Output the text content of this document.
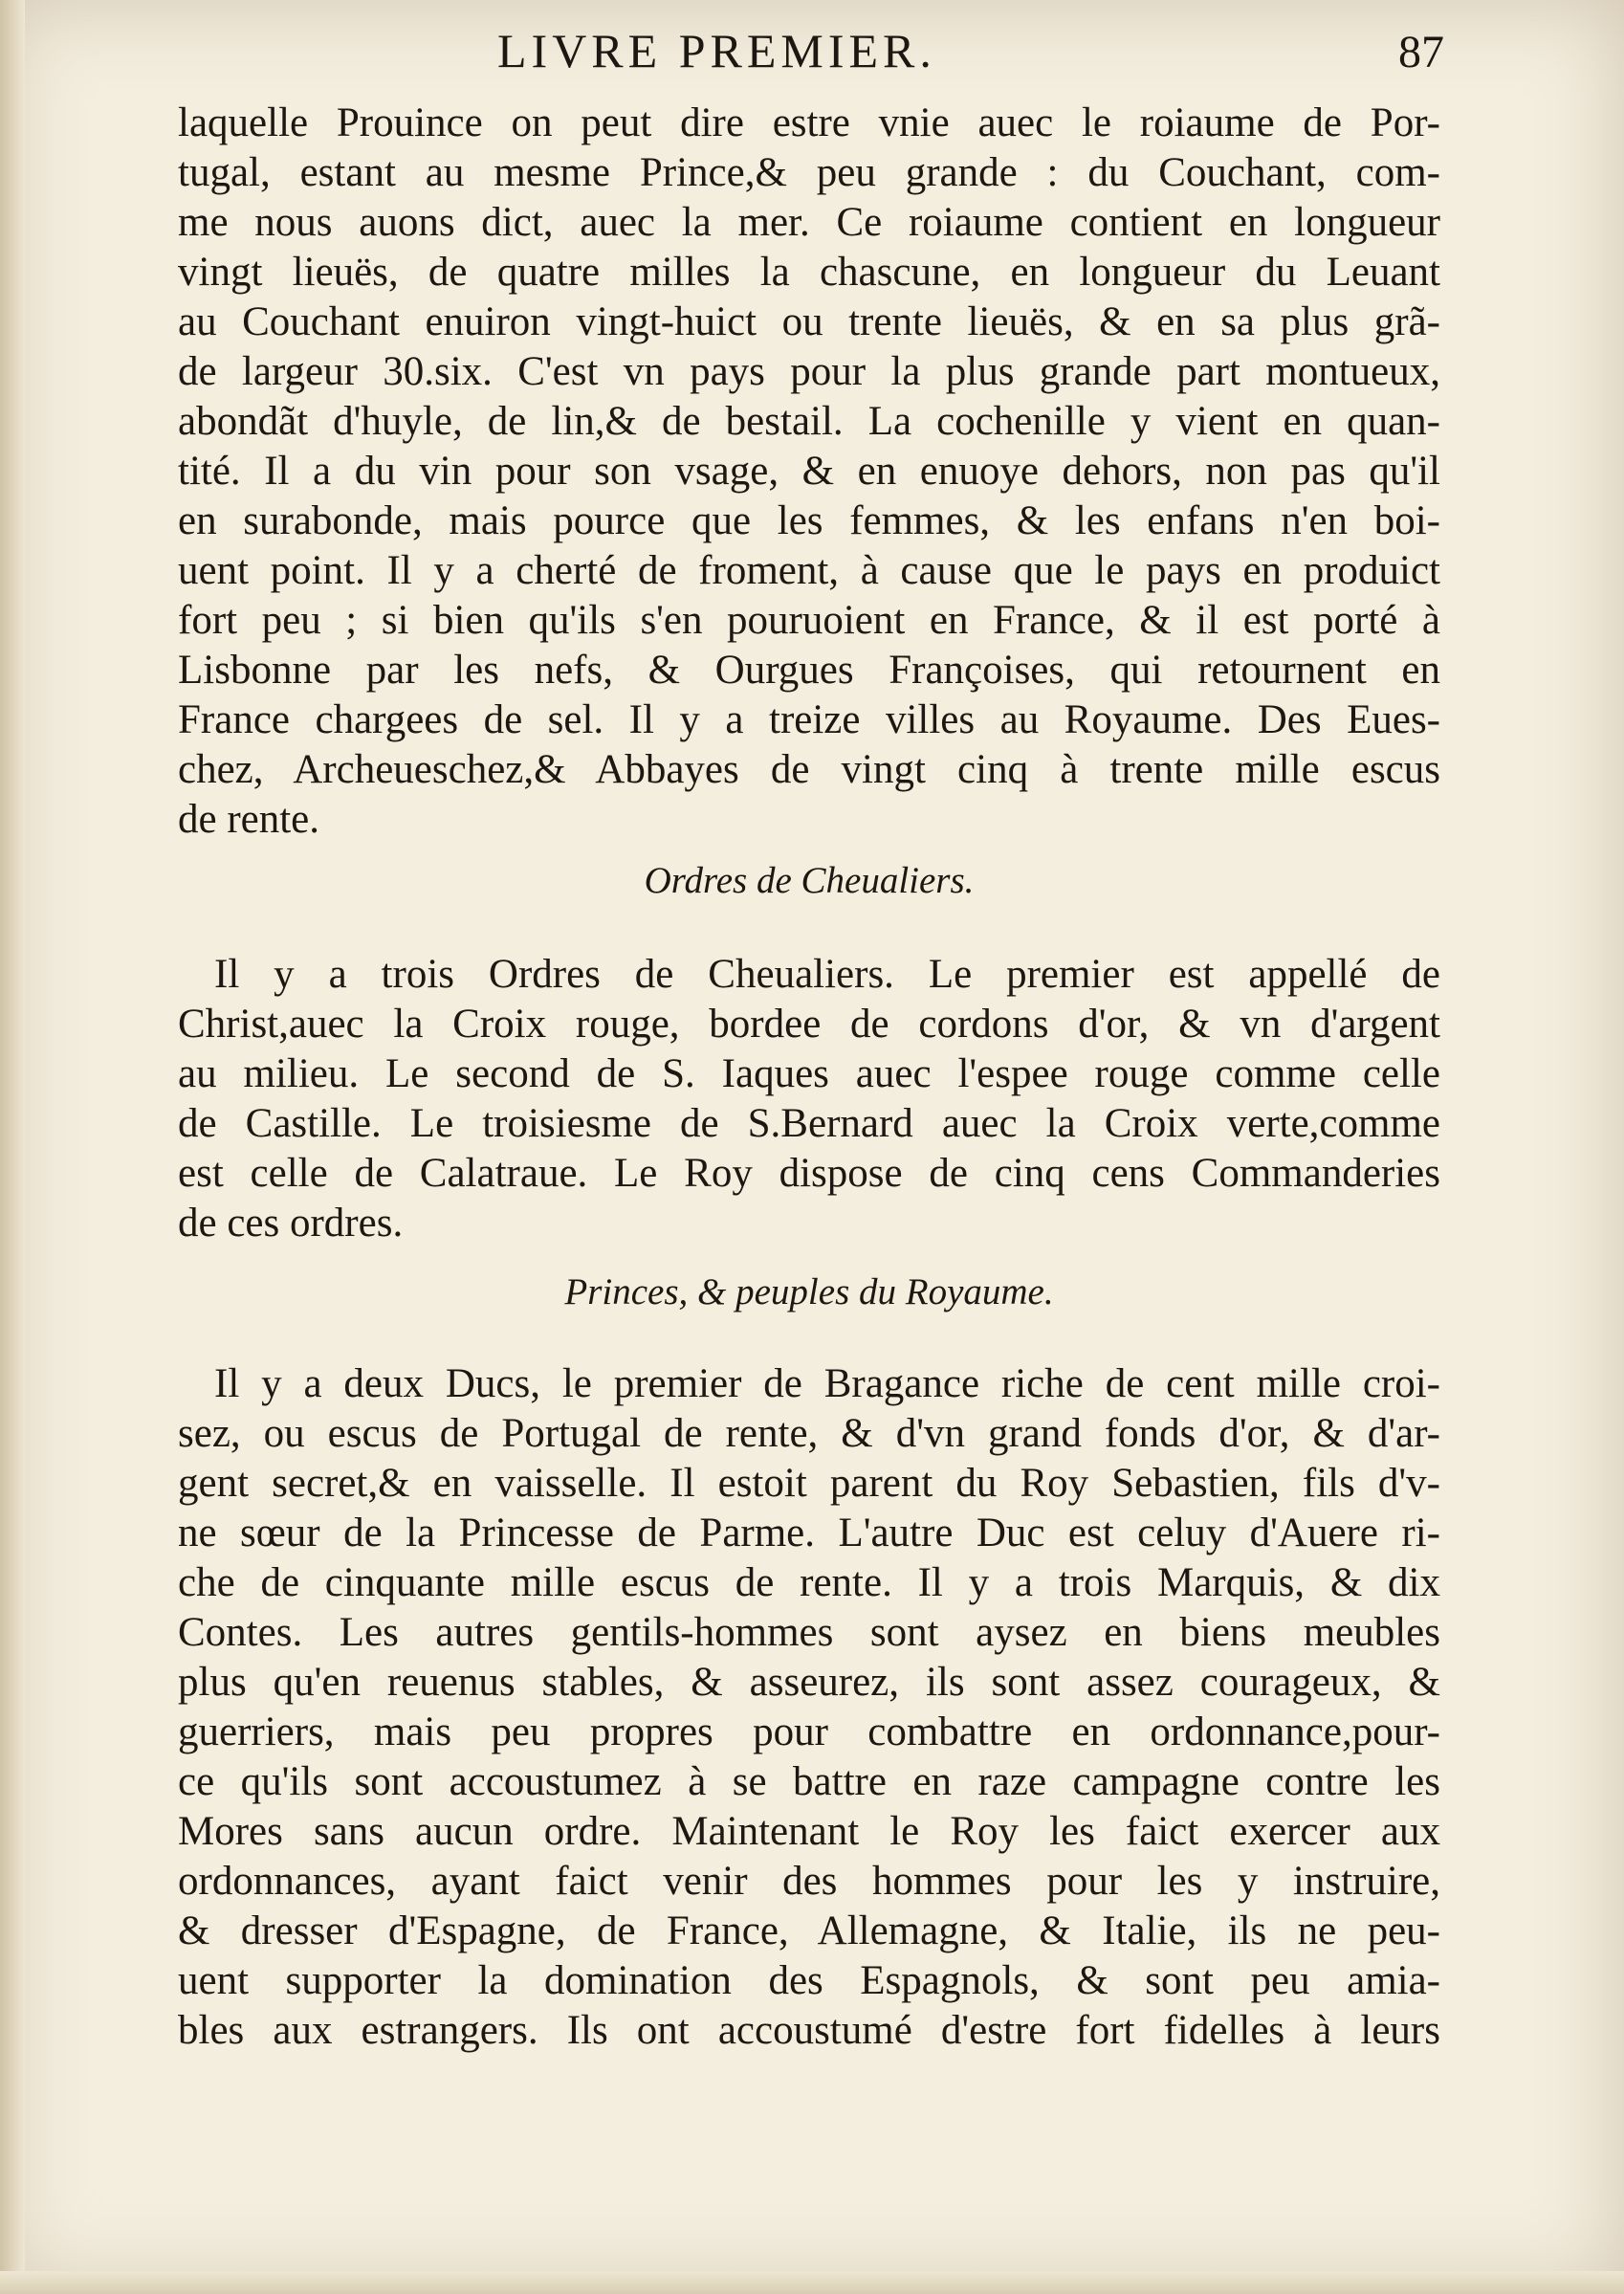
LIVRE PREMIER.	87
laquelle Prouince on peut dire estre vnie auec le roiaume de Por-
tugal, estant au mesme Prince,& peu grande : du Couchant, com-
me nous auons dict, auec la mer. Ce roiaume contient en longueur
vingt lieuës, de quatre milles la chascune, en longueur du Leuant
au Couchant enuiron vingt-huict ou trente lieuës, & en sa plus grã-
de largeur 30.six. C'est vn pays pour la plus grande part montueux,
abondãt d'huyle, de lin,& de bestail. La cochenille y vient en quan-
tité. Il a du vin pour son vsage, & en enuoye dehors, non pas qu'il
en surabonde, mais pource que les femmes, & les enfans n'en boi-
uent point. Il y a cherté de froment, à cause que le pays en produict
fort peu ; si bien qu'ils s'en pouruoient en France, & il est porté à
Lisbonne par les nefs, & Ourgues Françoises, qui retournent en
France chargees de sel. Il y a treize villes au Royaume. Des Eues-
chez, Archeueschez,& Abbayes de vingt cinq à trente mille escus
de rente.
Ordres de Cheualiers.
Il y a trois Ordres de Cheualiers. Le premier est appellé de
Christ,auec la Croix rouge, bordee de cordons d'or, & vn d'argent
au milieu. Le second de S. Iaques auec l'espee rouge comme celle
de Castille. Le troisiesme de S.Bernard auec la Croix verte,comme
est celle de Calatraue. Le Roy dispose de cinq cens Commanderies
de ces ordres.
Princes, & peuples du Royaume.
Il y a deux Ducs, le premier de Bragance riche de cent mille croi-
sez, ou escus de Portugal de rente, & d'vn grand fonds d'or, & d'ar-
gent secret,& en vaisselle. Il estoit parent du Roy Sebastien, fils d'v-
ne sœur de la Princesse de Parme. L'autre Duc est celuy d'Auere ri-
che de cinquante mille escus de rente. Il y a trois Marquis, & dix
Contes. Les autres gentils-hommes sont aysez en biens meubles
plus qu'en reuenus stables, & asseurez, ils sont assez courageux, &
guerriers, mais peu propres pour combattre en ordonnance,pour-
ce qu'ils sont accoustumez à se battre en raze campagne contre les
Mores sans aucun ordre. Maintenant le Roy les faict exercer aux
ordonnances, ayant faict venir des hommes pour les y instruire,
& dresser d'Espagne, de France, Allemagne, & Italie, ils ne peu-
uent supporter la domination des Espagnols, & sont peu amia-
bles aux estrangers. Ils ont accoustumé d'estre fort fidelles à leurs
